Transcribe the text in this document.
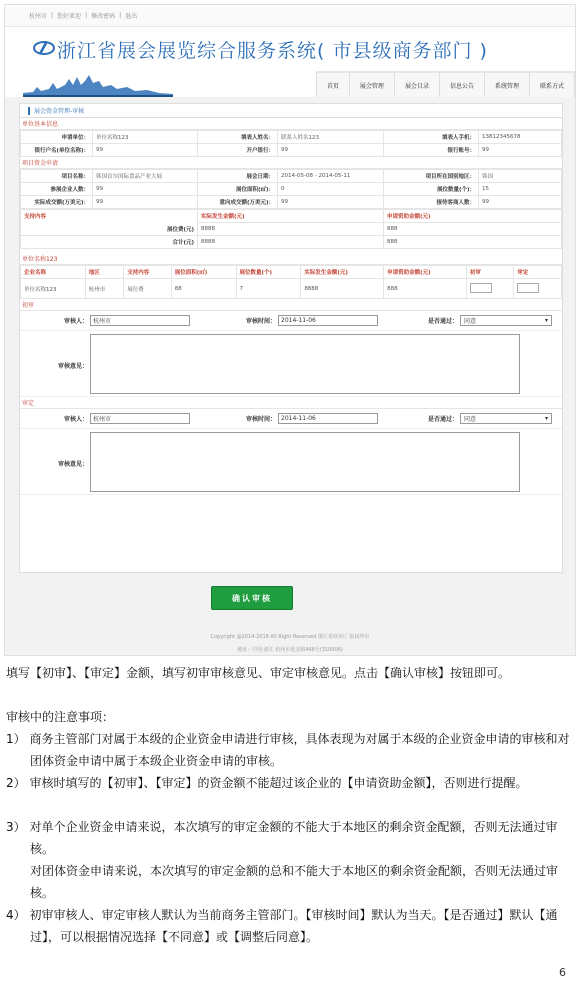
杭州市 | 您好欢迎 | 修改密码 | 退出
浙江省展会展览综合服务系统( 市县级商务部门 )
首页	展会管理	展会目录	信息公告	系统管理	联系方式
展会资金管理-审核
单位基本信息
申请单位：	单位名称123	填表人姓名：	联系人姓名123	填表人手机：	13812345678
银行户名(单位名称)：	99	开户银行：	99	银行账号：	99
项目资金申请
项目名称：	韩国首尔国际食品产业大展	展会日期：	2014-05-08 - 2014-05-11	项目所在国别地区：	韩国
参展企业人数：	99	展位面积(㎡)：	0	展位数量(个)：	15
实际成交额(万美元)：	99	意向成交额(万美元)：	99	接待客商人数：	99
支持内容	实际发生金额(元)	申请资助金额(元)
展位费(元)	8888	888
合计(元)	8888	888
单位名称123
企业名称	地区	支持内容	展位面积(㎡)	展位数量(个)	实际发生金额(元)	申请资助金额(元)	初审	审定
单位名称123	杭州市	展位费	88	7	8888	888		
初审
审核人： 杭州市	审核时间： 2014-11-06	是否通过：	同意	▾
审核意见：
审定
审核人： 杭州市	审核时间： 2014-11-06	是否通过：	同意	▾
审核意见：
确认审核
Copyright @2014-2018 All Right Reserved 浙江省商务厅 版权所有
地址：中国·浙江 杭州市延安路468号(310006)
填写【初审】、【审定】金额，填写初审审核意见、审定审核意见。点击【确认审核】按钮即可。
审核中的注意事项：
1） 商务主管部门对属于本级的企业资金申请进行审核，具体表现为对属于本级的企业资金申请的审核和对团体资金申请中属于本级企业资金申请的审核。
2） 审核时填写的【初审】、【审定】的资金额不能超过该企业的【申请资助金额】，否则进行提醒。
3） 对单个企业资金申请来说，本次填写的审定金额的不能大于本地区的剩余资金配额，否则无法通过审核。
对团体资金申请来说，本次填写的审定金额的总和不能大于本地区的剩余资金配额，否则无法通过审核。
4） 初审审核人、审定审核人默认为当前商务主管部门。【审核时间】默认为当天。【是否通过】默认【通过】，可以根据情况选择【不同意】或【调整后同意】。
6
